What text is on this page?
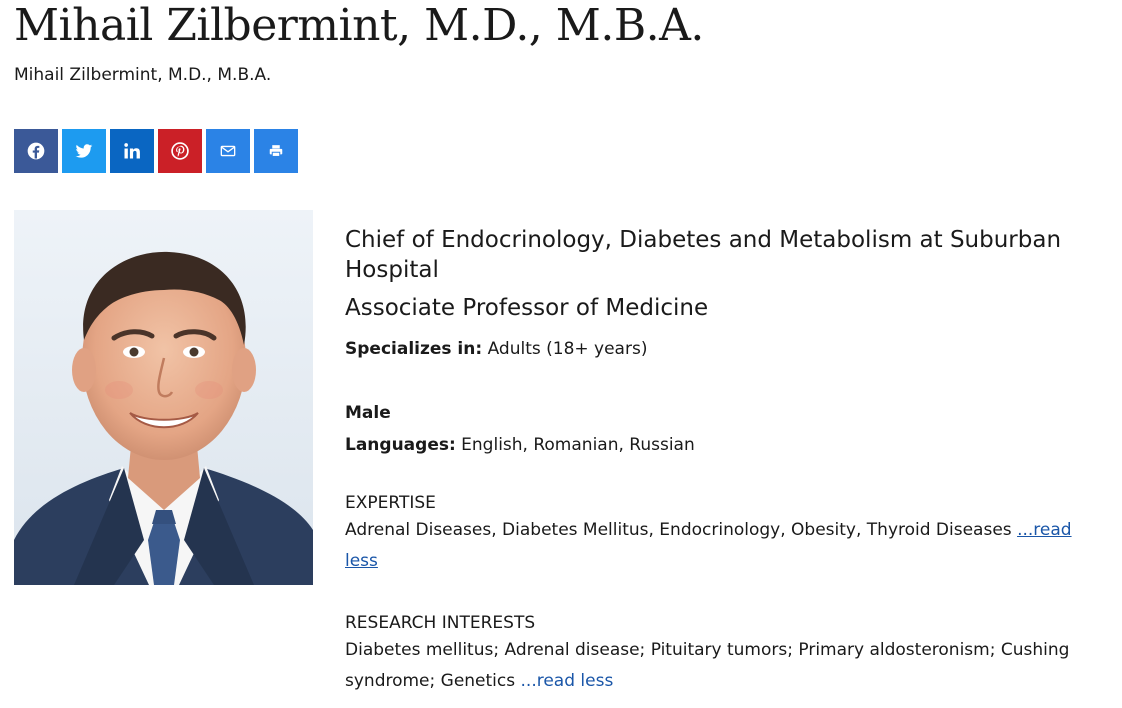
Mihail Zilbermint, M.D., M.B.A.
Mihail Zilbermint, M.D., M.B.A.
Chief of Endocrinology, Diabetes and Metabolism at Suburban Hospital
Associate Professor of Medicine
Specializes in: Adults (18+ years)
Male
Languages: English, Romanian, Russian
EXPERTISE
Adrenal Diseases, Diabetes Mellitus, Endocrinology, Obesity, Thyroid Diseases ...read less
RESEARCH INTERESTS
Diabetes mellitus; Adrenal disease; Pituitary tumors; Primary aldosteronism; Cushing syndrome; Genetics ...read less
